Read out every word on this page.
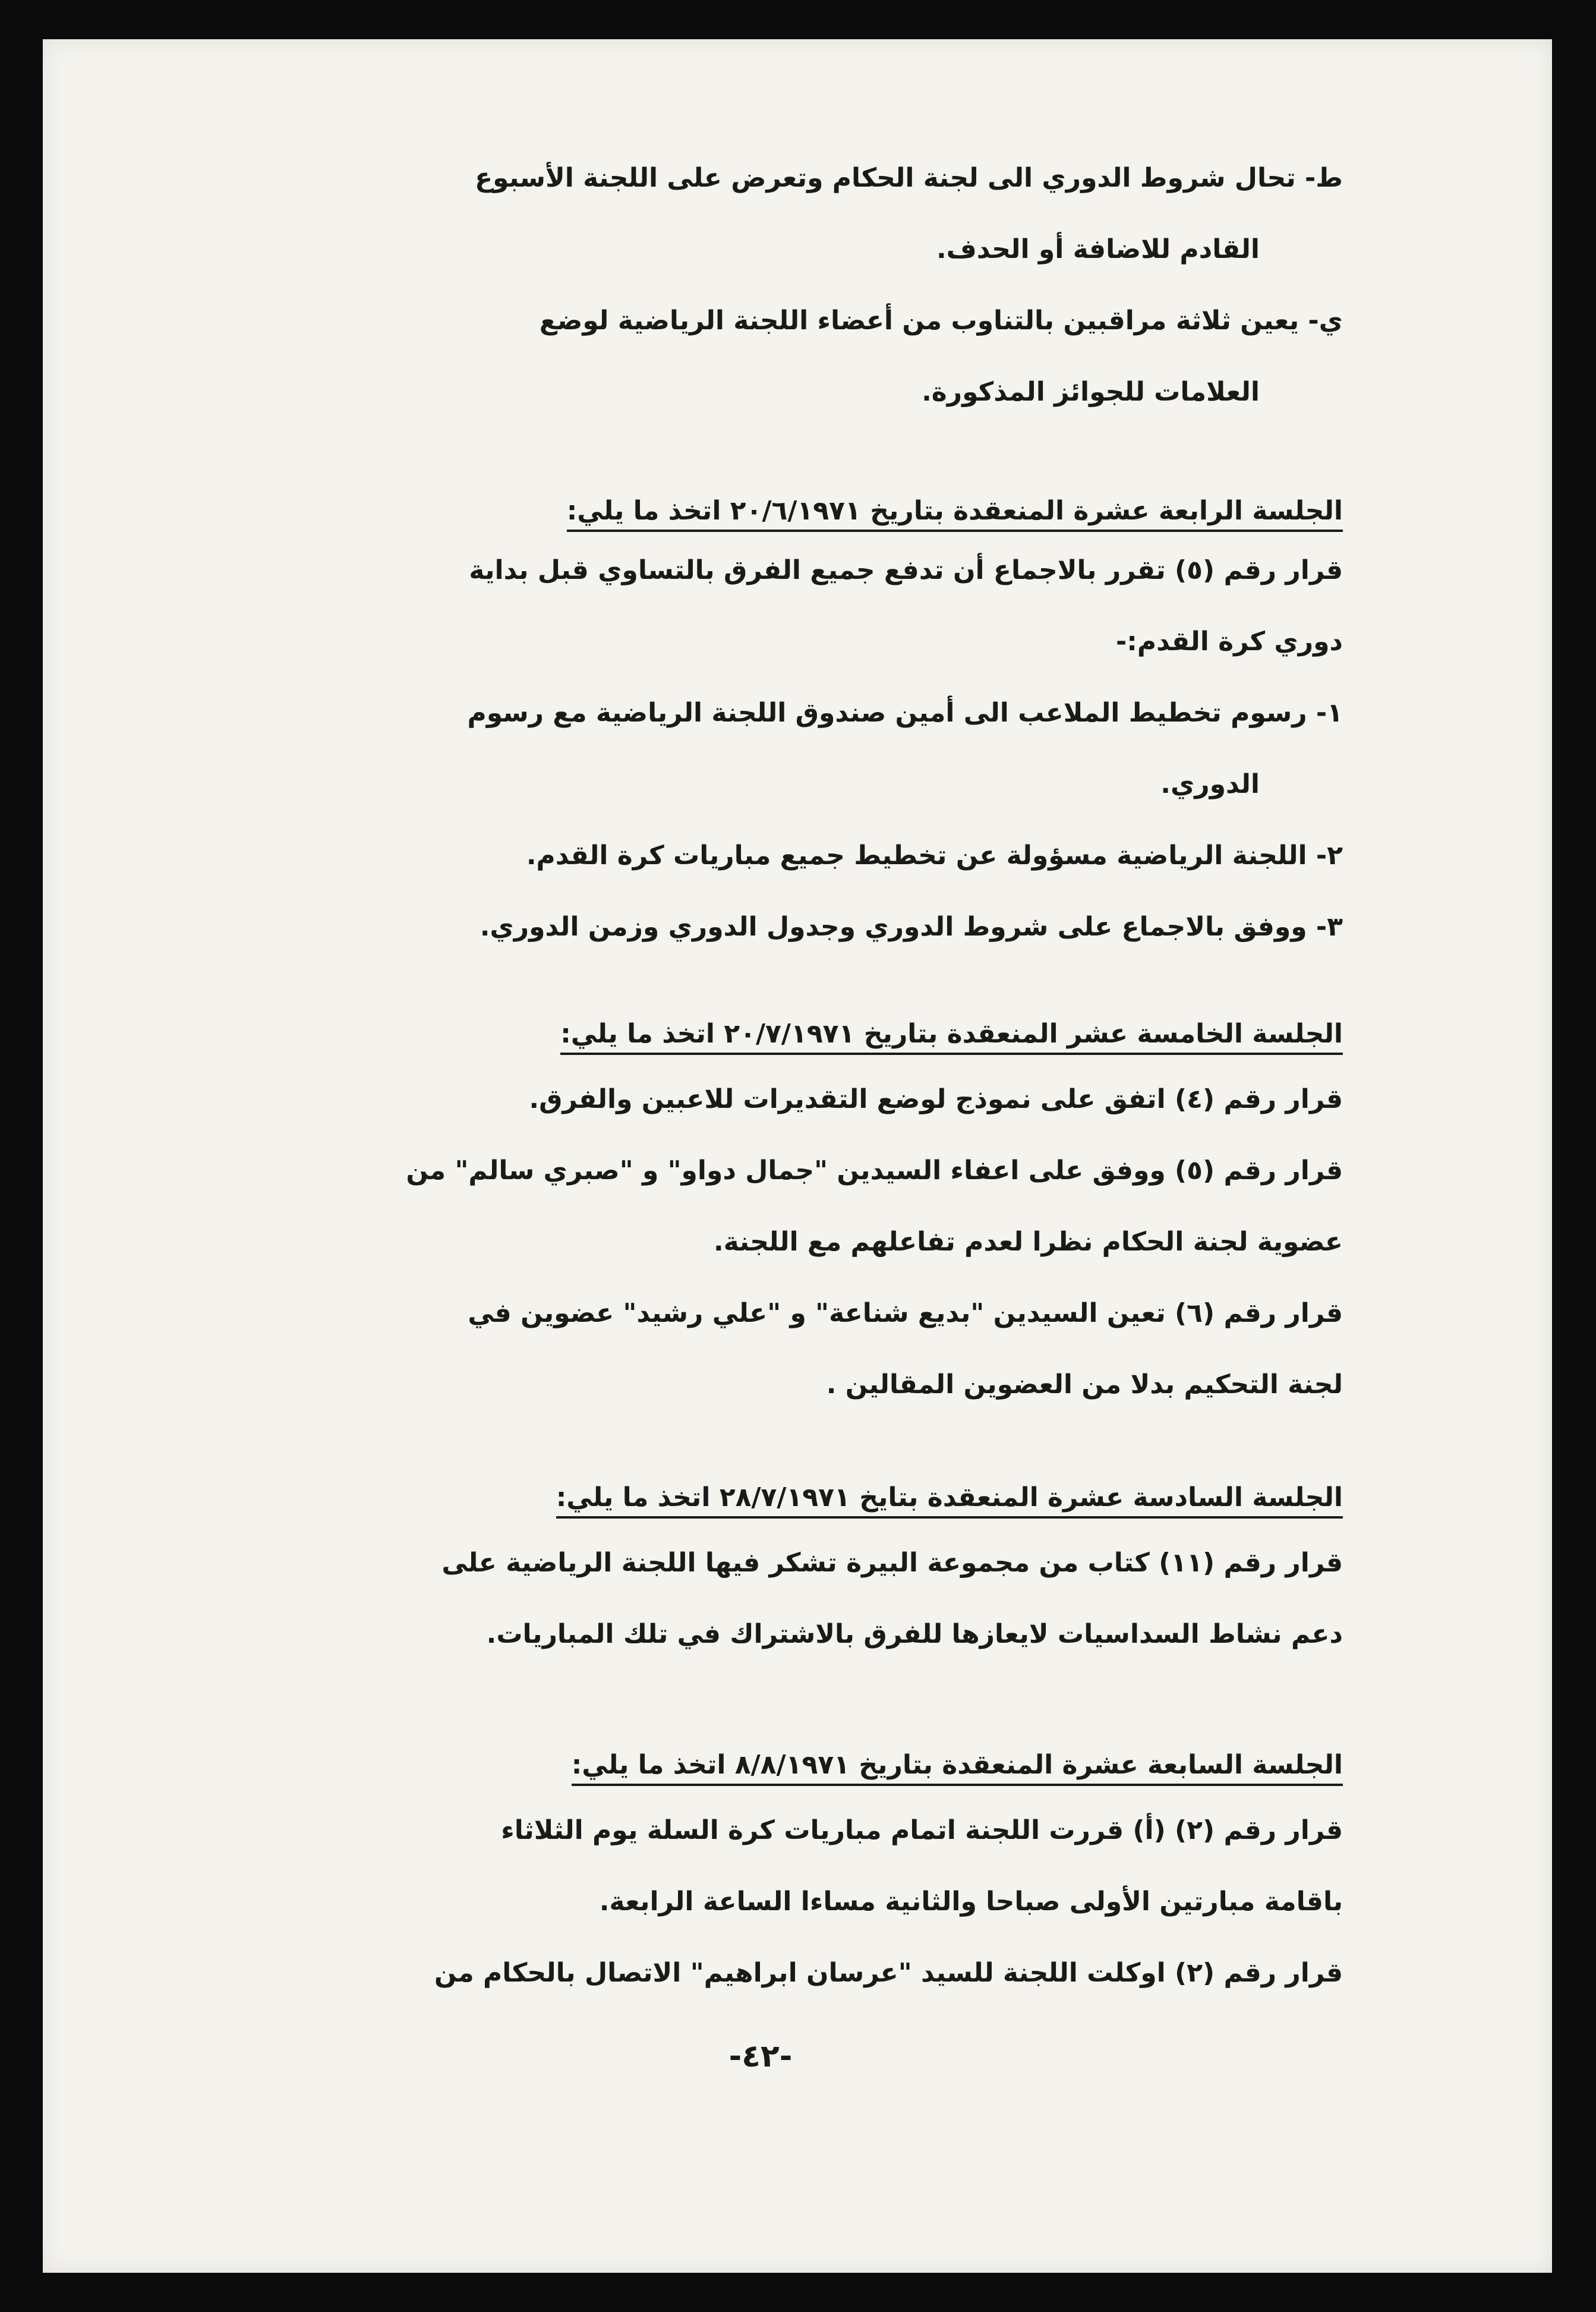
ط- تحال شروط الدوري الى لجنة الحكام وتعرض على اللجنة الأسبوع
القادم للاضافة أو الحدف.
ي- يعين ثلاثة مراقبين بالتناوب من أعضاء اللجنة الرياضية لوضع
العلامات للجوائز المذكورة.
الجلسة الرابعة عشرة المنعقدة بتاريخ ٢٠/٦/١٩٧١ اتخذ ما يلي:
قرار رقم (٥) تقرر بالاجماع أن تدفع جميع الفرق بالتساوي قبل بداية
دوري كرة القدم:-
١- رسوم تخطيط الملاعب الى أمين صندوق اللجنة الرياضية مع رسوم
الدوري.
٢- اللجنة الرياضية مسؤولة عن تخطيط جميع مباريات كرة القدم.
٣- ووفق بالاجماع على شروط الدوري وجدول الدوري وزمن الدوري.
الجلسة الخامسة عشر المنعقدة بتاريخ ٢٠/٧/١٩٧١ اتخذ ما يلي:
قرار رقم (٤) اتفق على نموذج لوضع التقديرات للاعبين والفرق.
قرار رقم (٥) ووفق على اعفاء السيدين "جمال دواو" و "صبري سالم" من
عضوية لجنة الحكام نظرا لعدم تفاعلهم مع اللجنة.
قرار رقم (٦) تعين السيدين "بديع شناعة" و "علي رشيد" عضوين في
لجنة التحكيم بدلا من العضوين المقالين .
الجلسة السادسة عشرة المنعقدة بتايخ ٢٨/٧/١٩٧١ اتخذ ما يلي:
قرار رقم (١١) كتاب من مجموعة البيرة تشكر فيها اللجنة الرياضية على
دعم نشاط السداسيات لايعازها للفرق بالاشتراك في تلك المباريات.
الجلسة السابعة عشرة المنعقدة بتاريخ ٨/٨/١٩٧١ اتخذ ما يلي:
قرار رقم (٢) (أ) قررت اللجنة اتمام مباريات كرة السلة يوم الثلاثاء
باقامة مبارتين الأولى صباحا والثانية مساءا الساعة الرابعة.
قرار رقم (٢) اوكلت اللجنة للسيد "عرسان ابراهيم" الاتصال بالحكام من
-٤٢-
